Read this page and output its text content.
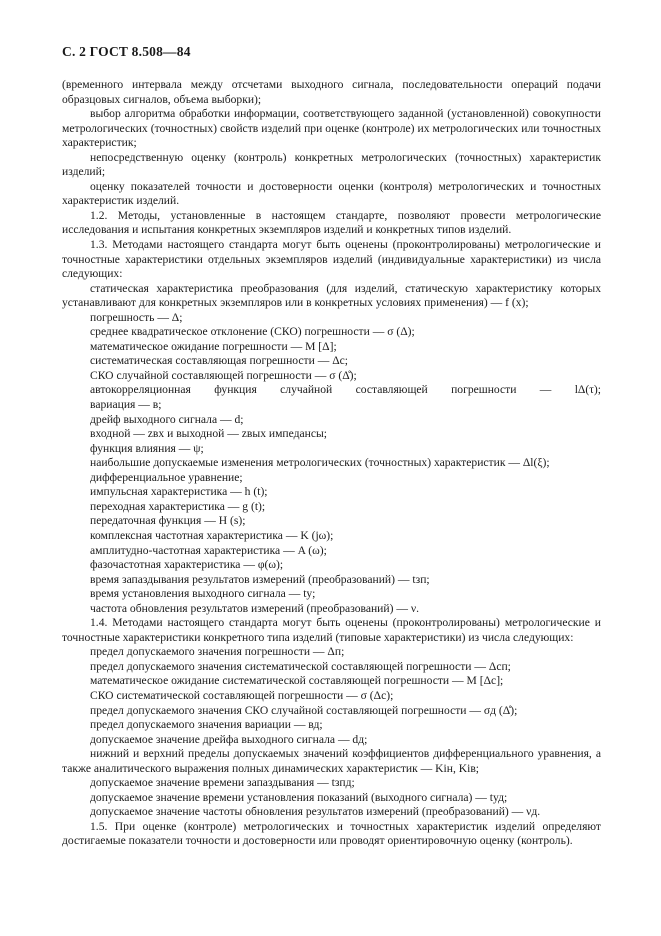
С. 2 ГОСТ 8.508—84

(временного интервала между отсчетами выходного сигнала, последовательности операций подачи образцовых сигналов, объема выборки);

выбор алгоритма обработки информации, соответствующего заданной (установленной) совокупности метрологических (точностных) свойств изделий при оценке (контроле) их метрологических или точностных характеристик;

непосредственную оценку (контроль) конкретных метрологических (точностных) характеристик изделий;

оценку показателей точности и достоверности оценки (контроля) метрологических и точностных характеристик изделий.

1.2. Методы, установленные в настоящем стандарте, позволяют провести метрологические исследования и испытания конкретных экземпляров изделий и конкретных типов изделий.

1.3. Методами настоящего стандарта могут быть оценены (проконтролированы) метрологические и точностные характеристики отдельных экземпляров изделий (индивидуальные характеристики) из числа следующих:

статическая характеристика преобразования (для изделий, статическую характеристику которых устанавливают для конкретных экземпляров или в конкретных условиях применения) — f (x);

погрешность — Δ;

среднее квадратическое отклонение (СКО) погрешности — σ (Δ);

математическое ожидание погрешности — M [Δ];

систематическая составляющая погрешности — Δс;

СКО случайной составляющей погрешности — σ (Δ̊);

автокорреляционная функция случайной составляющей погрешности — lΔ(τ);

вариация — в;

дрейф выходного сигнала — d;

входной — zвх и выходной — zвых импедансы;

функция влияния — ψ;

наибольшие допускаемые изменения метрологических (точностных) характеристик — Δl(ξ);

дифференциальное уравнение;

импульсная характеристика — h (t);

переходная характеристика — g (t);

передаточная функция — H (s);

комплексная частотная характеристика — K (jω);

амплитудно-частотная характеристика — A (ω);

фазочастотная характеристика — φ(ω);

время запаздывания результатов измерений (преобразований) — tзп;

время установления выходного сигнала — tу;

частота обновления результатов измерений (преобразований) — ν.

1.4. Методами настоящего стандарта могут быть оценены (проконтролированы) метрологические и точностные характеристики конкретного типа изделий (типовые характеристики) из числа следующих:

предел допускаемого значения погрешности — Δп;

предел допускаемого значения систематической составляющей погрешности — Δсп;

математическое ожидание систематической составляющей погрешности — M [Δс];

СКО систематической составляющей погрешности — σ (Δс);

предел допускаемого значения СКО случайной составляющей погрешности — σд (Δ̊);

предел допускаемого значения вариации — вд;

допускаемое значение дрейфа выходного сигнала — dд;

нижний и верхний пределы допускаемых значений коэффициентов дифференциального уравнения, а также аналитического выражения полных динамических характеристик — Kiн, Kiв;

допускаемое значение времени запаздывания — tзпд;

допускаемое значение времени установления показаний (выходного сигнала) — tуд;

допускаемое значение частоты обновления результатов измерений (преобразований) — νд.

1.5. При оценке (контроле) метрологических и точностных характеристик изделий определяют достигаемые показатели точности и достоверности или проводят ориентировочную оценку (контроль).
